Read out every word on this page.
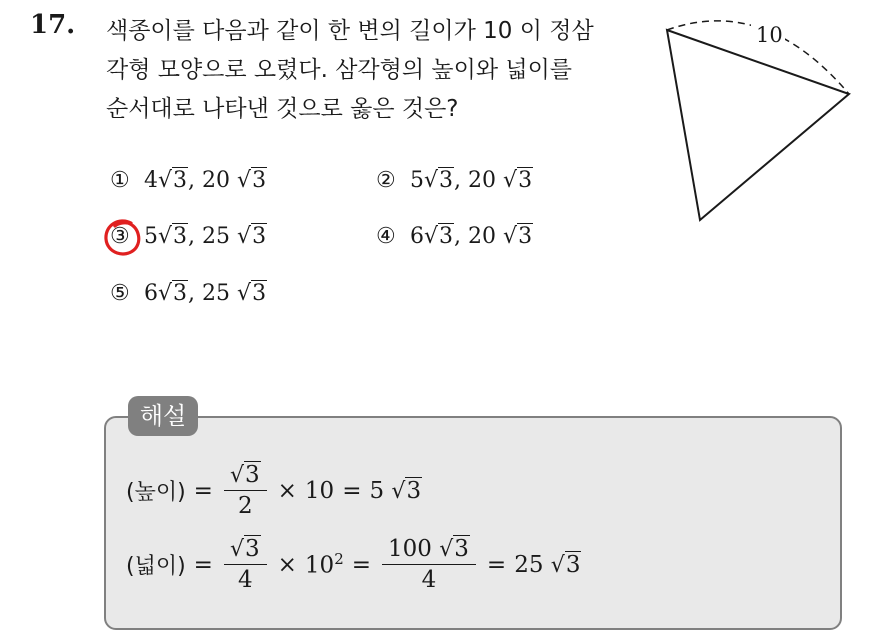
17. 색종이를 다음과 같이 한 변의 길이가 10 이 정삼
각형 모양으로 오렸다. 삼각형의 높이와 넓이를
순서대로 나타낸 것으로 옳은 것은?
10
① 4 √3 ,
20
√3	② 5 √3 ,
20
√3
③ 5 √3 ,
25
√3	④ 6 √3 ,
20
√3
⑤ 6 √3 ,
25
√3
해설
(높이) = $\frac{√3}{2} \times 10 = 5$
√3
(넓이) = $\frac{√3}{4} \times 10^2 = \frac{100 √3}{4} = 25$
√3
